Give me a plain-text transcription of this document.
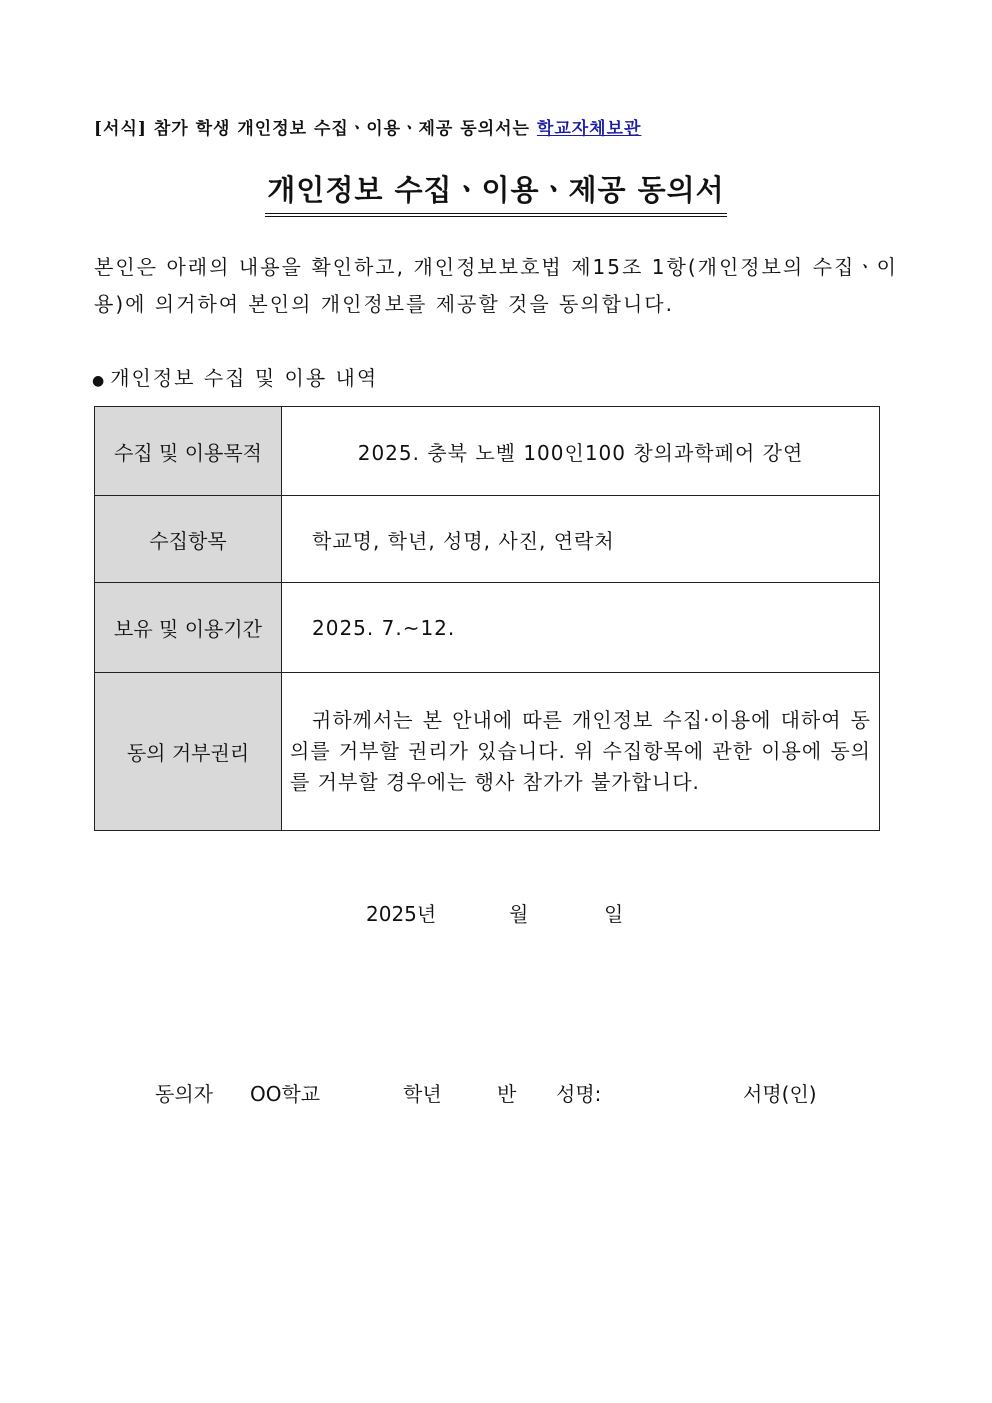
[서식] 참가 학생 개인정보 수집ㆍ이용ㆍ제공 동의서는 학교자체보관
개인정보 수집ㆍ이용ㆍ제공 동의서
본인은 아래의 내용을 확인하고, 개인정보보호법 제15조 1항(개인정보의 수집ㆍ이용)에 의거하여 본인의 개인정보를 제공할 것을 동의합니다.
● 개인정보 수집 및 이용 내역
수집 및 이용목적	2025. 충북 노벨 100인100 창의과학페어 강연
수집항목	학교명, 학년, 성명, 사진, 연락처
보유 및 이용기간	2025. 7.~12.
동의 거부권리	귀하께서는 본 안내에 따른 개인정보 수집·이용에 대하여 동의를 거부할 권리가 있습니다. 위 수집항목에 관한 이용에 동의를 거부할 경우에는 행사 참가가 불가합니다.
2025년	월	일
동의자 OO학교	학년	반 성명:	서명(인)
